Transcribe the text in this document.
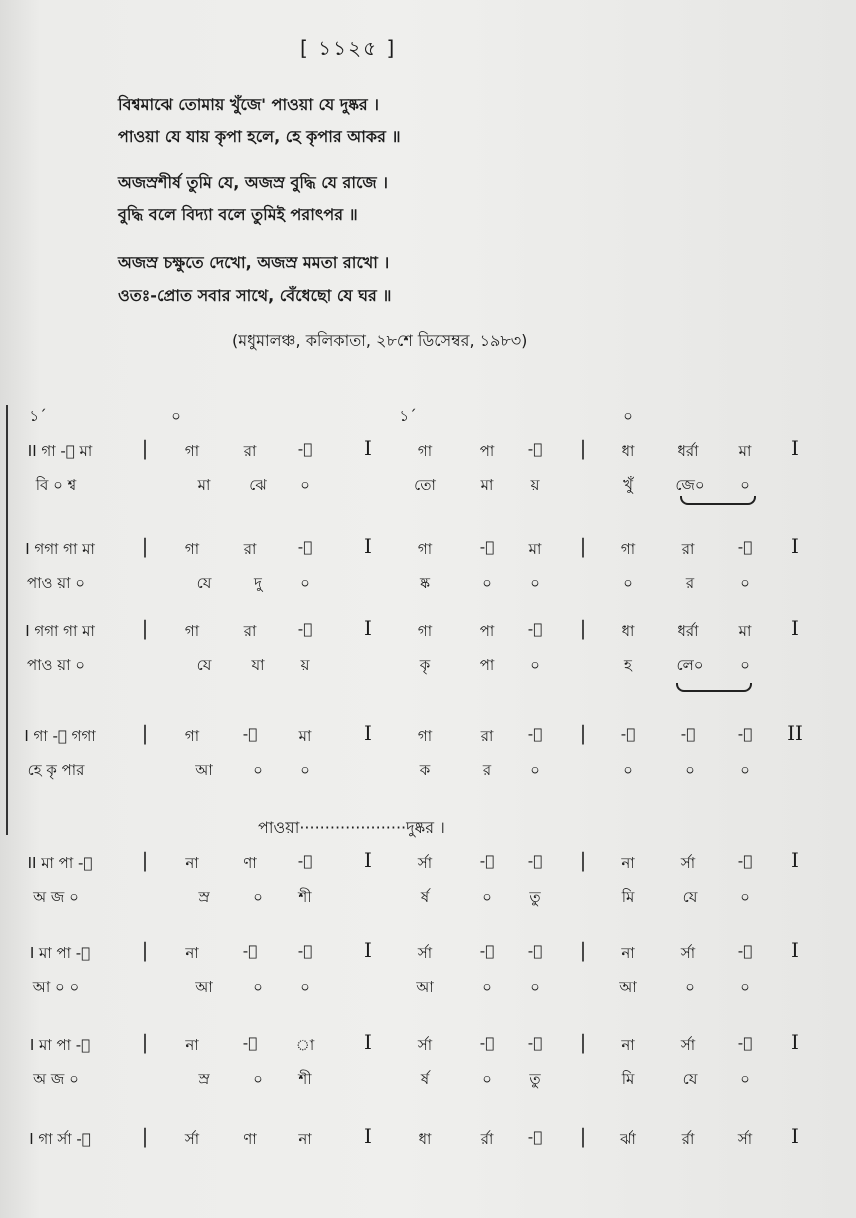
[ ১১২৫ ]
বিশ্বমাঝে তোমায় খুঁজে' পাওয়া যে দুষ্কর ।
পাওয়া যে যায় কৃপা হলে, হে কৃপার আকর ॥
অজস্রশীর্ষ তুমি যে, অজস্র বুদ্ধি যে রাজে ।
বুদ্ধি বলে বিদ্যা বলে তুমিই পরাৎপর ॥
অজস্র চক্ষুতে দেখো, অজস্র মমতা রাখো ।
ওতঃ-প্রোত সবার সাথে, বেঁধেছো যে ঘর ॥
(মধুমালঞ্চ, কলিকাতা, ২৮শে ডিসেম্বর, ১৯৮৩)
১´	০	১´	০
II গা ‑া মা | গা	রা	‑া	I	গা	পা ‑া | ধা	ধর্রা	মা I
বি ০ শ্ব	মা	ঝে ০	তো	মা য়	খুঁ	জে০ ০
I গগা গা মা | গা	রা	‑া	I	গা	‑া মা | গা	রা	‑া I
পাও য়া ০	যে	দু	০	ষ্ক	০	০	০	র	০
I গগা গা মা | গা	রা	‑া	I	গা	পা ‑া | ধা	ধর্রা	মা I
পাও য়া ০	যে	যা য়	কৃ	পা ০	হ	লে০ ০
I গা ‑া গগা | গা	‑া	মা	I	গা	রা ‑া | ‑া	‑া	‑া II
হে কৃ পার	আ	০ ০	ক	র	০	০	০	০
II মা পা ‑া | না	ণা	‑া	I	র্সা	‑া ‑া | না	র্সা	‑া I
অ জ ০	স্র	০ শী	র্ষ	০ তু	মি	যে	০
I মা পা ‑া	| না	‑া	‑া	I	র্সা	‑া ‑া | না	র্সা	‑া I
আ ০ ০	আ	০ ০	আ	০	০	আ	০	০
I মা পা ‑া	| না	‑া	া I	র্সা	‑া ‑া | না	র্সা	‑া I
অ জ ০	স্র	০ শী	র্ষ	০ তু	মি	যে	০
I গা র্সা ‑া	| র্সা	ণা	না	I	ধা	র্রা ‑া | র্ঝা	র্রা	র্সা I
পাওয়া·····················দুষ্কর ।
